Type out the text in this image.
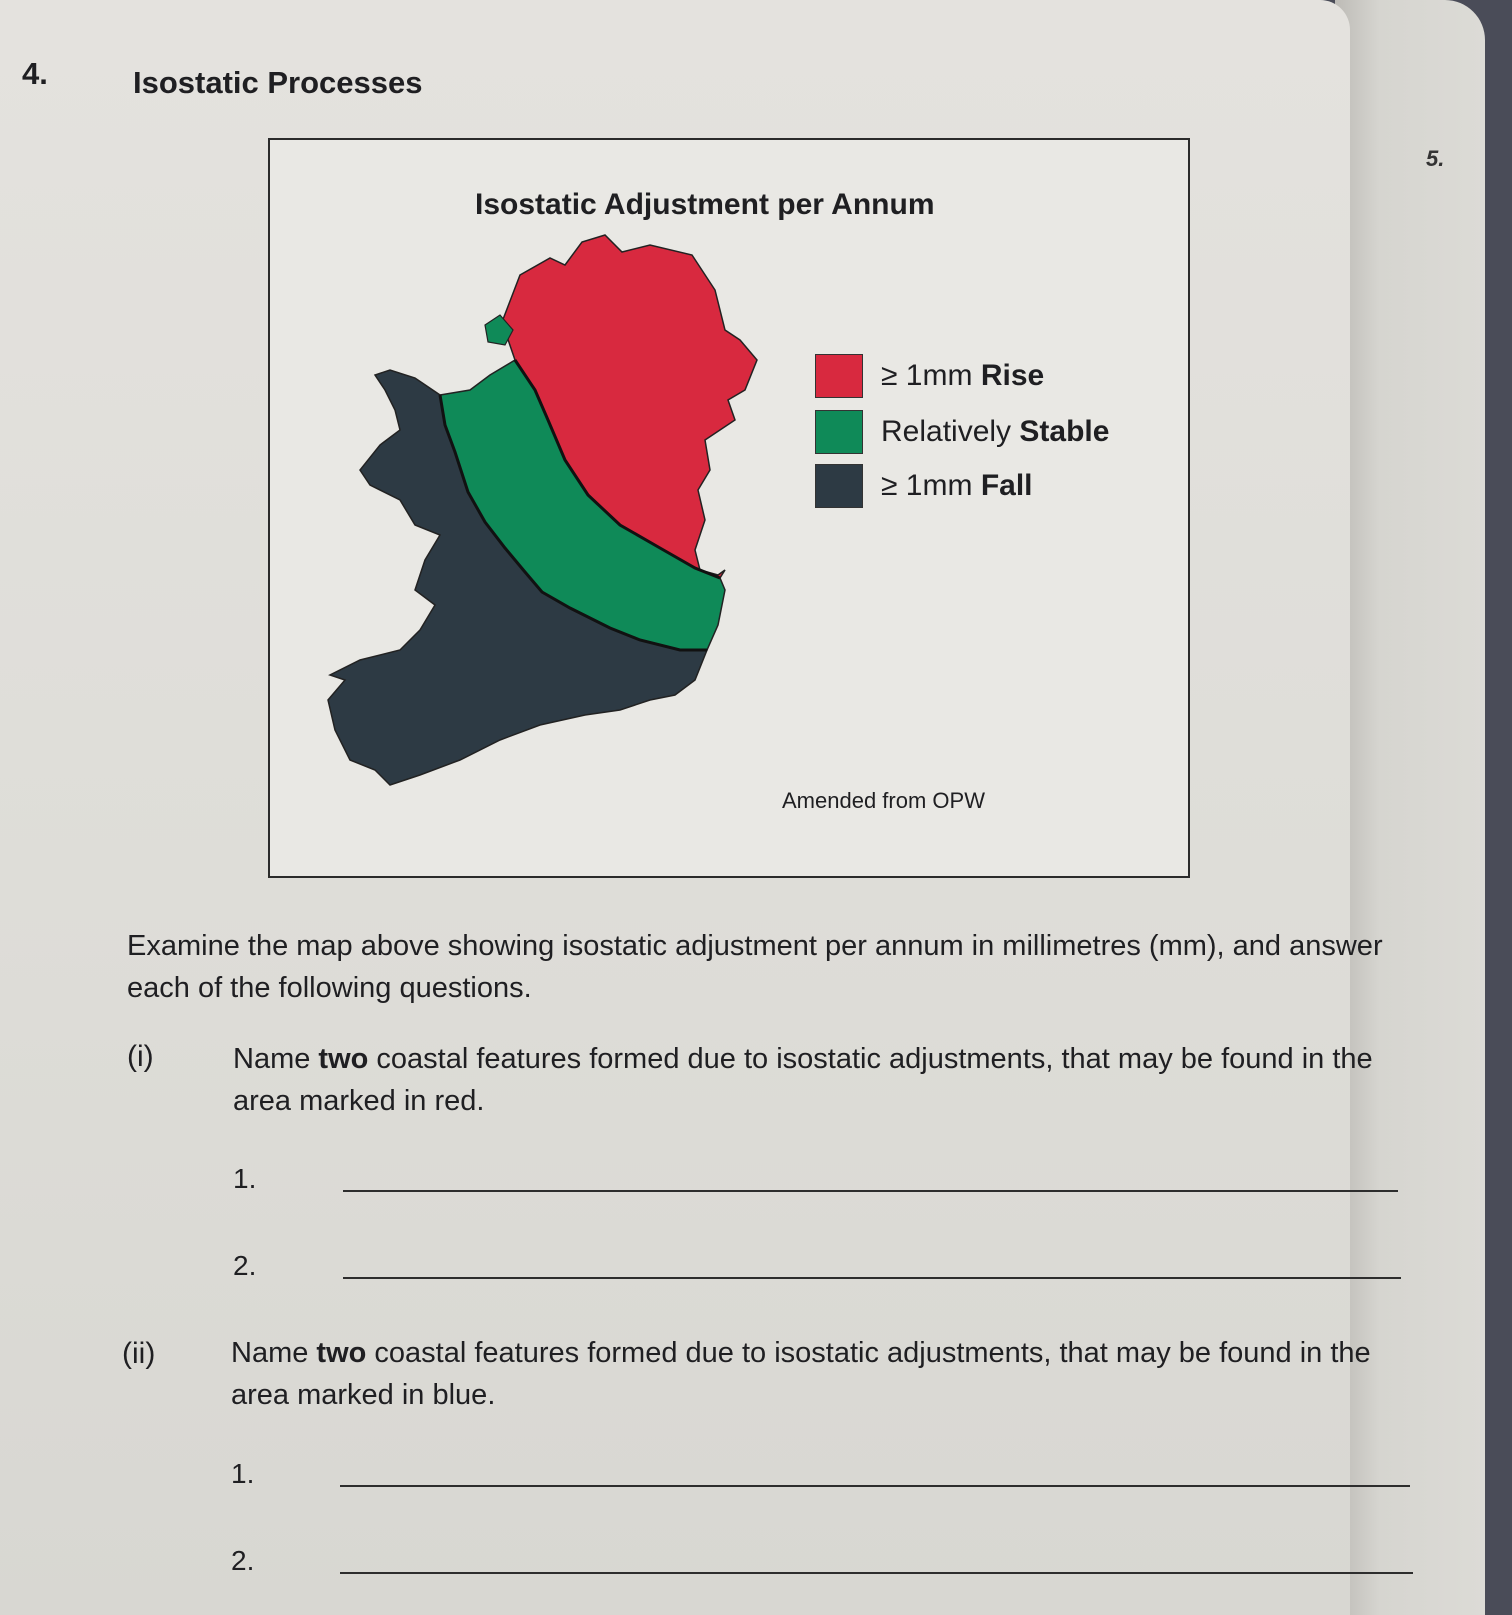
4.	Isostatic Processes
5.
Isostatic Adjustment per Annum
≥ 1mm Rise
Relatively Stable
≥ 1mm Fall
Amended from OPW
Examine the map above showing isostatic adjustment per annum in millimetres (mm), and answer each of the following questions.
(i)	Name two coastal features formed due to isostatic adjustments, that may be found in the area marked in red.
1.
2.
(ii)	Name two coastal features formed due to isostatic adjustments, that may be found in the area marked in blue.
1.
2.
